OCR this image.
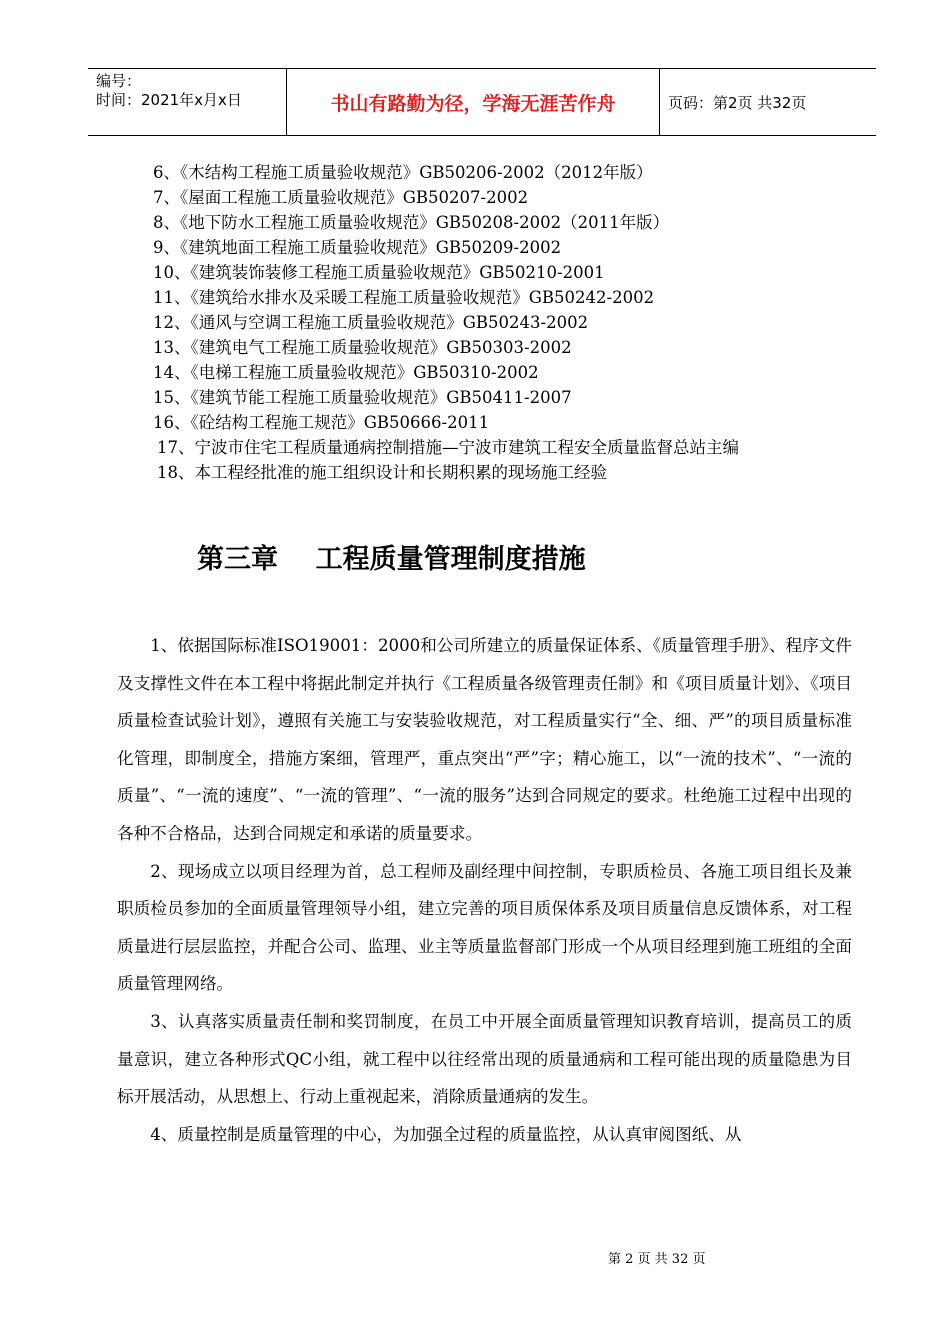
编号：
时间：2021年x月x日	书山有路勤为径，学海无涯苦作舟	页码：第2页 共32页
6、《木结构工程施工质量验收规范》GB50206-2002（2012年版）
7、《屋面工程施工质量验收规范》GB50207-2002
8、《地下防水工程施工质量验收规范》GB50208-2002（2011年版）
9、《建筑地面工程施工质量验收规范》GB50209-2002
10、《建筑装饰装修工程施工质量验收规范》GB50210-2001
11、《建筑给水排水及采暖工程施工质量验收规范》GB50242-2002
12、《通风与空调工程施工质量验收规范》GB50243-2002
13、《建筑电气工程施工质量验收规范》GB50303-2002
14、《电梯工程施工质量验收规范》GB50310-2002
15、《建筑节能工程施工质量验收规范》GB50411-2007
16、《砼结构工程施工规范》GB50666-2011
17、宁波市住宅工程质量通病控制措施—宁波市建筑工程安全质量监督总站主编
18、本工程经批准的施工组织设计和长期积累的现场施工经验
第三章    工程质量管理制度措施

1、依据国际标准ISO19001：2000和公司所建立的质量保证体系、《质量管理手册》、程序文件及支撑性文件在本工程中将据此制定并执行《工程质量各级管理责任制》和《项目质量计划》、《项目质量检查试验计划》，遵照有关施工与安装验收规范，对工程质量实行“全、细、严”的项目质量标准化管理，即制度全，措施方案细，管理严，重点突出“严”字；精心施工，以“一流的技术”、“一流的质量”、“一流的速度”、“一流的管理”、“一流的服务”达到合同规定的要求。杜绝施工过程中出现的各种不合格品，达到合同规定和承诺的质量要求。

2、现场成立以项目经理为首，总工程师及副经理中间控制，专职质检员、各施工项目组长及兼职质检员参加的全面质量管理领导小组，建立完善的项目质保体系及项目质量信息反馈体系，对工程质量进行层层监控，并配合公司、监理、业主等质量监督部门形成一个从项目经理到施工班组的全面质量管理网络。

3、认真落实质量责任制和奖罚制度，在员工中开展全面质量管理知识教育培训，提高员工的质量意识，建立各种形式QC小组，就工程中以往经常出现的质量通病和工程可能出现的质量隐患为目标开展活动，从思想上、行动上重视起来，消除质量通病的发生。

4、质量控制是质量管理的中心，为加强全过程的质量监控，从认真审阅图纸、从

第 2 页 共 32 页
